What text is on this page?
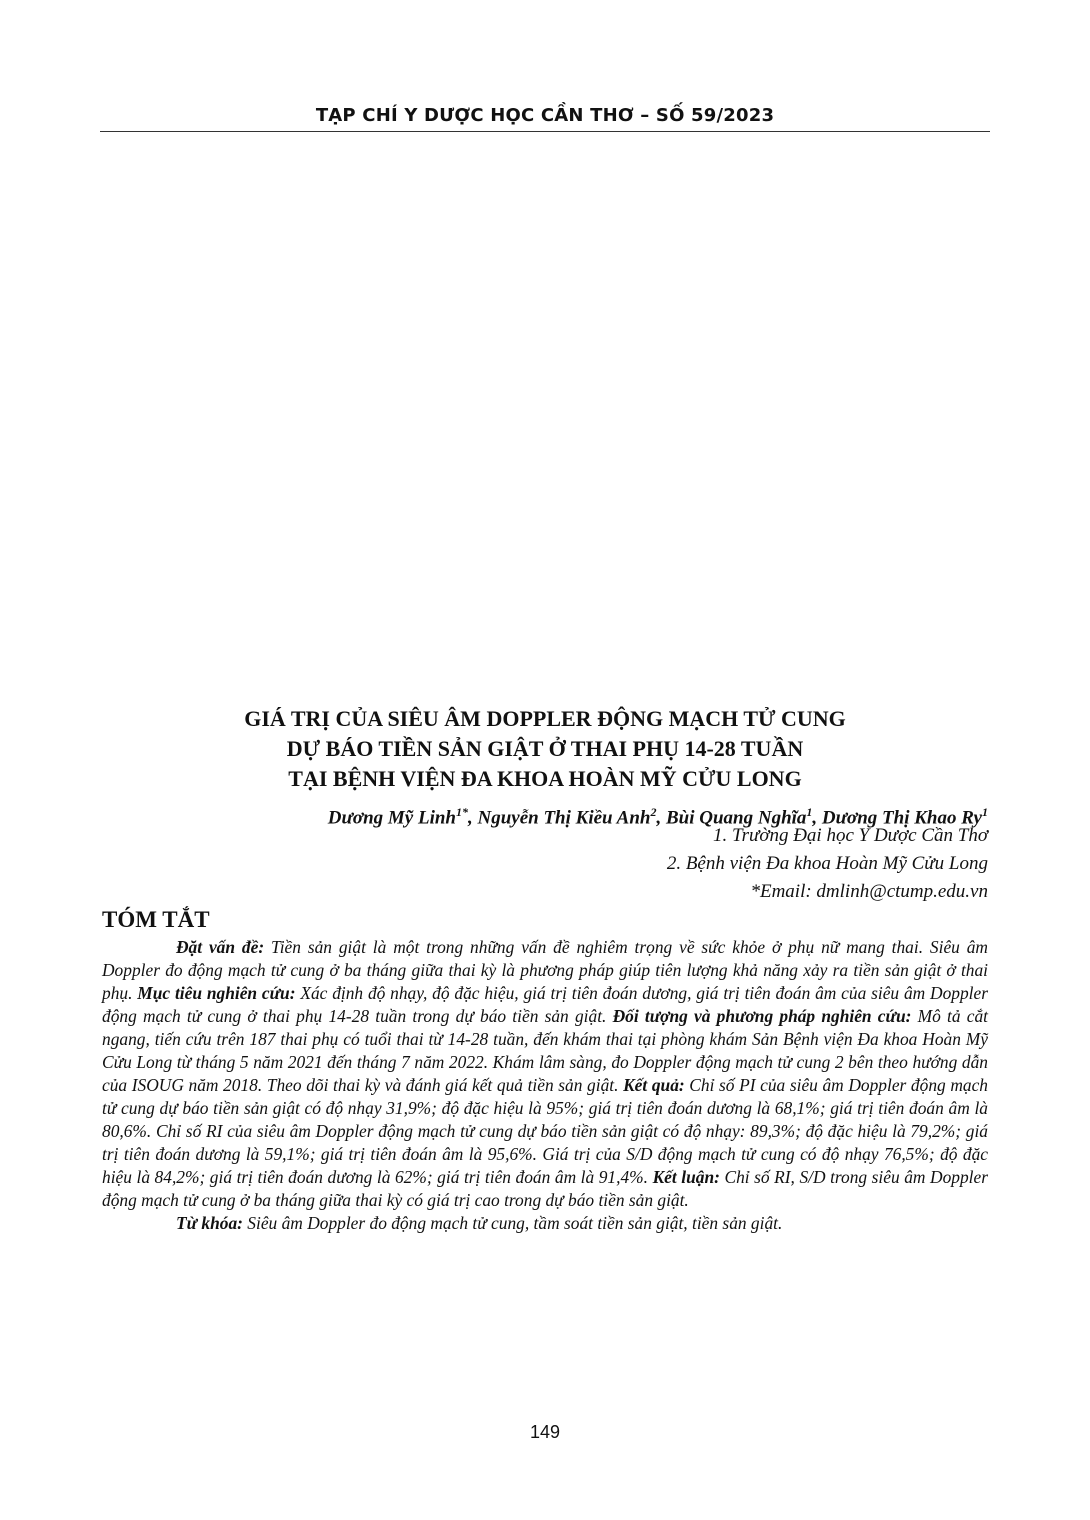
TẠP CHÍ Y DƯỢC HỌC CẦN THƠ – SỐ 59/2023
GIÁ TRỊ CỦA SIÊU ÂM DOPPLER ĐỘNG MẠCH TỬ CUNG
DỰ BÁO TIỀN SẢN GIẬT Ở THAI PHỤ 14-28 TUẦN
TẠI BỆNH VIỆN ĐA KHOA HOÀN MỸ CỬU LONG
Dương Mỹ Linh$^{1*}$, Nguyễn Thị Kiều Anh$^2$, Bùi Quang Nghĩa$^1$, Dương Thị Khao Ry$^1$
1. Trường Đại học Y Dược Cần Thơ
2. Bệnh viện Đa khoa Hoàn Mỹ Cửu Long
*Email: dmlinh@ctump.edu.vn
TÓM TẮT

Đặt vấn đề: Tiền sản giật là một trong những vấn đề nghiêm trọng về sức khỏe ở phụ nữ mang thai. Siêu âm Doppler đo động mạch tử cung ở ba tháng giữa thai kỳ là phương pháp giúp tiên lượng khả năng xảy ra tiền sản giật ở thai phụ. Mục tiêu nghiên cứu: Xác định độ nhạy, độ đặc hiệu, giá trị tiên đoán dương, giá trị tiên đoán âm của siêu âm Doppler động mạch tử cung ở thai phụ 14-28 tuần trong dự báo tiền sản giật. Đối tượng và phương pháp nghiên cứu: Mô tả cắt ngang, tiến cứu trên 187 thai phụ có tuổi thai từ 14-28 tuần, đến khám thai tại phòng khám Sản Bệnh viện Đa khoa Hoàn Mỹ Cửu Long từ tháng 5 năm 2021 đến tháng 7 năm 2022. Khám lâm sàng, đo Doppler động mạch tử cung 2 bên theo hướng dẫn của ISOUG năm 2018. Theo dõi thai kỳ và đánh giá kết quả tiền sản giật. Kết quả: Chỉ số PI của siêu âm Doppler động mạch tử cung dự báo tiền sản giật có độ nhạy 31,9%; độ đặc hiệu là 95%; giá trị tiên đoán dương là 68,1%; giá trị tiên đoán âm là 80,6%. Chỉ số RI của siêu âm Doppler động mạch tử cung dự báo tiền sản giật có độ nhạy: 89,3%; độ đặc hiệu là 79,2%; giá trị tiên đoán dương là 59,1%; giá trị tiên đoán âm là 95,6%. Giá trị của S/D động mạch tử cung có độ nhạy 76,5%; độ đặc hiệu là 84,2%; giá trị tiên đoán dương là 62%; giá trị tiên đoán âm là 91,4%. Kết luận: Chỉ số RI, S/D trong siêu âm Doppler động mạch tử cung ở ba tháng giữa thai kỳ có giá trị cao trong dự báo tiền sản giật.

Từ khóa: Siêu âm Doppler đo động mạch tử cung, tầm soát tiền sản giật, tiền sản giật.

149
